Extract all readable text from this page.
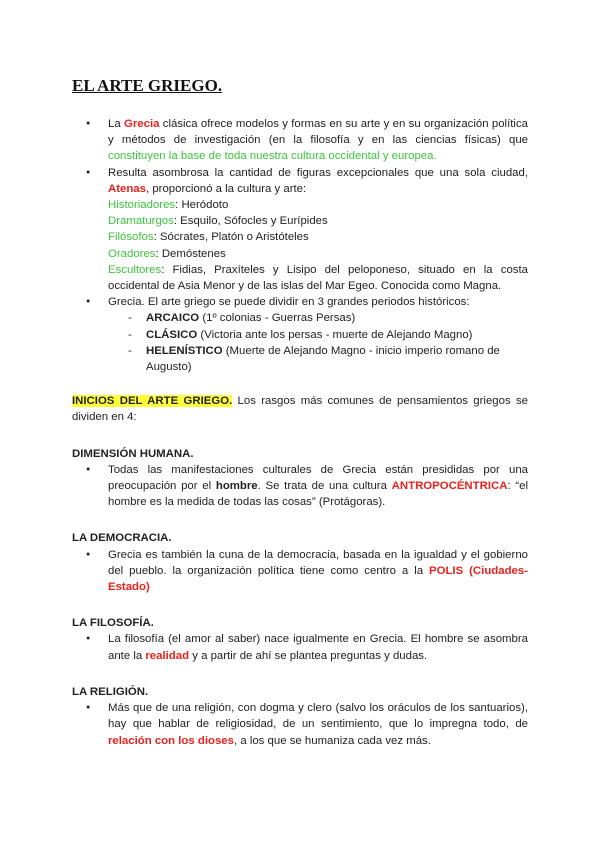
EL ARTE GRIEGO.
● La Grecia clásica ofrece modelos y formas en su arte y en su organización política y métodos de investigación (en la filosofía y en las ciencias físicas) que constituyen la base de toda nuestra cultura occidental y europea.
● Resulta asombrosa la cantidad de figuras excepcionales que una sola ciudad, Atenas, proporcionó a la cultura y arte:
Historiadores: Heródoto
Dramaturgos: Esquilo, Sófocles y Eurípides
Filósofos: Sócrates, Platón o Aristóteles
Oradores: Demóstenes
Escultores: Fidias, Praxíteles y Lisipo del peloponeso, situado en la costa occidental de Asia Menor y de las islas del Mar Egeo. Conocida como Magna.
● Grecia. El arte griego se puede dividir en 3 grandes periodos históricos:
- ARCAICO (1º colonias - Guerras Persas)
- CLÁSICO (Victoria ante los persas - muerte de Alejando Magno)
- HELENÍSTICO (Muerte de Alejando Magno - inicio imperio romano de Augusto)

INICIOS DEL ARTE GRIEGO. Los rasgos más comunes de pensamientos griegos se dividen en 4:

DIMENSIÓN HUMANA.

● Todas las manifestaciones culturales de Grecia están presididas por una preocupación por el hombre. Se trata de una cultura ANTROPOCÉNTRICA: “el hombre es la medida de todas las cosas” (Protágoras).

LA DEMOCRACIA.

● Grecia es también la cuna de la democracia, basada en la igualdad y el gobierno del pueblo. la organización política tiene como centro a la POLIS (Ciudades-Estado)

LA FILOSOFÍA.

● La filosofía (el amor al saber) nace igualmente en Grecia. El hombre se asombra ante la realidad y a partir de ahí se plantea preguntas y dudas.

LA RELIGIÓN.

● Más que de una religión, con dogma y clero (salvo los oráculos de los santuarios), hay que hablar de religiosidad, de un sentimiento, que lo impregna todo, de relación con los dioses, a los que se humaniza cada vez más.
